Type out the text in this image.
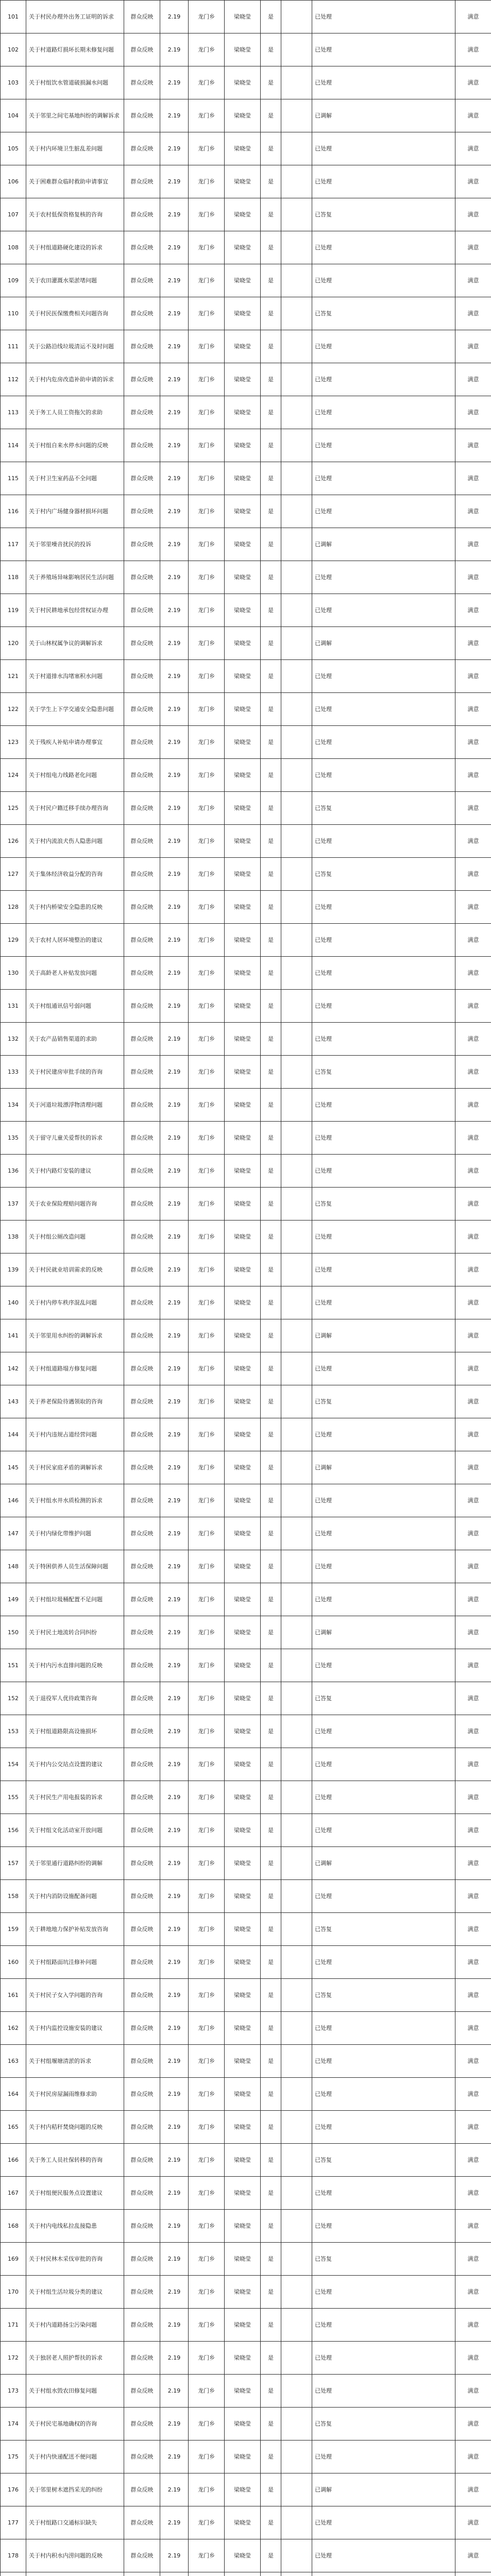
101	关于村民办理外出务工证明的诉求	群众反映	2.19	龙门乡	梁晓莹	是		已处理	满意
102	关于村道路灯损坏长期未修复问题	群众反映	2.19	龙门乡	梁晓莹	是		已处理	满意
103	关于村组饮水管道破损漏水问题	群众反映	2.19	龙门乡	梁晓莹	是		已处理	满意
104	关于邻里之间宅基地纠纷的调解诉求	群众反映	2.19	龙门乡	梁晓莹	是		已调解	满意
105	关于村内环境卫生脏乱差问题	群众反映	2.19	龙门乡	梁晓莹	是		已处理	满意
106	关于困难群众临时救助申请事宜	群众反映	2.19	龙门乡	梁晓莹	是		已处理	满意
107	关于农村低保资格复核的咨询	群众反映	2.19	龙门乡	梁晓莹	是		已答复	满意
108	关于村组道路硬化建设的诉求	群众反映	2.19	龙门乡	梁晓莹	是		已处理	满意
109	关于农田灌溉水渠淤堵问题	群众反映	2.19	龙门乡	梁晓莹	是		已处理	满意
110	关于村民医保缴费相关问题咨询	群众反映	2.19	龙门乡	梁晓莹	是		已答复	满意
111	关于公路沿线垃圾清运不及时问题	群众反映	2.19	龙门乡	梁晓莹	是		已处理	满意
112	关于村内危房改造补助申请的诉求	群众反映	2.19	龙门乡	梁晓莹	是		已处理	满意
113	关于务工人员工资拖欠的求助	群众反映	2.19	龙门乡	梁晓莹	是		已处理	满意
114	关于村组自来水停水问题的反映	群众反映	2.19	龙门乡	梁晓莹	是		已处理	满意
115	关于村卫生室药品不全问题	群众反映	2.19	龙门乡	梁晓莹	是		已处理	满意
116	关于村内广场健身器材损坏问题	群众反映	2.19	龙门乡	梁晓莹	是		已处理	满意
117	关于邻里噪音扰民的投诉	群众反映	2.19	龙门乡	梁晓莹	是		已调解	满意
118	关于养殖场异味影响居民生活问题	群众反映	2.19	龙门乡	梁晓莹	是		已处理	满意
119	关于村民耕地承包经营权证办理	群众反映	2.19	龙门乡	梁晓莹	是		已处理	满意
120	关于山林权属争议的调解诉求	群众反映	2.19	龙门乡	梁晓莹	是		已调解	满意
121	关于村道排水沟堵塞积水问题	群众反映	2.19	龙门乡	梁晓莹	是		已处理	满意
122	关于学生上下学交通安全隐患问题	群众反映	2.19	龙门乡	梁晓莹	是		已处理	满意
123	关于残疾人补贴申请办理事宜	群众反映	2.19	龙门乡	梁晓莹	是		已处理	满意
124	关于村组电力线路老化问题	群众反映	2.19	龙门乡	梁晓莹	是		已处理	满意
125	关于村民户籍迁移手续办理咨询	群众反映	2.19	龙门乡	梁晓莹	是		已答复	满意
126	关于村内流浪犬伤人隐患问题	群众反映	2.19	龙门乡	梁晓莹	是		已处理	满意
127	关于集体经济收益分配的咨询	群众反映	2.19	龙门乡	梁晓莹	是		已答复	满意
128	关于村内桥梁安全隐患的反映	群众反映	2.19	龙门乡	梁晓莹	是		已处理	满意
129	关于农村人居环境整治的建议	群众反映	2.19	龙门乡	梁晓莹	是		已处理	满意
130	关于高龄老人补贴发放问题	群众反映	2.19	龙门乡	梁晓莹	是		已处理	满意
131	关于村组通讯信号弱问题	群众反映	2.19	龙门乡	梁晓莹	是		已处理	满意
132	关于农产品销售渠道的求助	群众反映	2.19	龙门乡	梁晓莹	是		已处理	满意
133	关于村民建房审批手续的咨询	群众反映	2.19	龙门乡	梁晓莹	是		已答复	满意
134	关于河道垃圾漂浮物清理问题	群众反映	2.19	龙门乡	梁晓莹	是		已处理	满意
135	关于留守儿童关爱帮扶的诉求	群众反映	2.19	龙门乡	梁晓莹	是		已处理	满意
136	关于村内路灯安装的建议	群众反映	2.19	龙门乡	梁晓莹	是		已处理	满意
137	关于农业保险理赔问题咨询	群众反映	2.19	龙门乡	梁晓莹	是		已答复	满意
138	关于村组公厕改造问题	群众反映	2.19	龙门乡	梁晓莹	是		已处理	满意
139	关于村民就业培训需求的反映	群众反映	2.19	龙门乡	梁晓莹	是		已处理	满意
140	关于村内停车秩序混乱问题	群众反映	2.19	龙门乡	梁晓莹	是		已处理	满意
141	关于邻里用水纠纷的调解诉求	群众反映	2.19	龙门乡	梁晓莹	是		已调解	满意
142	关于村组道路塌方修复问题	群众反映	2.19	龙门乡	梁晓莹	是		已处理	满意
143	关于养老保险待遇领取的咨询	群众反映	2.19	龙门乡	梁晓莹	是		已答复	满意
144	关于村内违规占道经营问题	群众反映	2.19	龙门乡	梁晓莹	是		已处理	满意
145	关于村民家庭矛盾的调解诉求	群众反映	2.19	龙门乡	梁晓莹	是		已调解	满意
146	关于村组水井水质检测的诉求	群众反映	2.19	龙门乡	梁晓莹	是		已处理	满意
147	关于村内绿化带维护问题	群众反映	2.19	龙门乡	梁晓莹	是		已处理	满意
148	关于特困供养人员生活保障问题	群众反映	2.19	龙门乡	梁晓莹	是		已处理	满意
149	关于村组垃圾桶配置不足问题	群众反映	2.19	龙门乡	梁晓莹	是		已处理	满意
150	关于村民土地流转合同纠纷	群众反映	2.19	龙门乡	梁晓莹	是		已调解	满意
151	关于村内污水直排问题的反映	群众反映	2.19	龙门乡	梁晓莹	是		已处理	满意
152	关于退役军人优待政策咨询	群众反映	2.19	龙门乡	梁晓莹	是		已答复	满意
153	关于村组道路限高设施损坏	群众反映	2.19	龙门乡	梁晓莹	是		已处理	满意
154	关于村内公交站点设置的建议	群众反映	2.19	龙门乡	梁晓莹	是		已处理	满意
155	关于村民生产用电报装的诉求	群众反映	2.19	龙门乡	梁晓莹	是		已处理	满意
156	关于村组文化活动室开放问题	群众反映	2.19	龙门乡	梁晓莹	是		已处理	满意
157	关于邻里通行道路纠纷的调解	群众反映	2.19	龙门乡	梁晓莹	是		已调解	满意
158	关于村内消防设施配备问题	群众反映	2.19	龙门乡	梁晓莹	是		已处理	满意
159	关于耕地地力保护补贴发放咨询	群众反映	2.19	龙门乡	梁晓莹	是		已答复	满意
160	关于村组路面坑洼修补问题	群众反映	2.19	龙门乡	梁晓莹	是		已处理	满意
161	关于村民子女入学问题的咨询	群众反映	2.19	龙门乡	梁晓莹	是		已答复	满意
162	关于村内监控设施安装的建议	群众反映	2.19	龙门乡	梁晓莹	是		已处理	满意
163	关于村组堰塘清淤的诉求	群众反映	2.19	龙门乡	梁晓莹	是		已处理	满意
164	关于村民房屋漏雨维修求助	群众反映	2.19	龙门乡	梁晓莹	是		已处理	满意
165	关于村内秸秆焚烧问题的反映	群众反映	2.19	龙门乡	梁晓莹	是		已处理	满意
166	关于务工人员社保转移的咨询	群众反映	2.19	龙门乡	梁晓莹	是		已答复	满意
167	关于村组便民服务点设置建议	群众反映	2.19	龙门乡	梁晓莹	是		已处理	满意
168	关于村内电线私拉乱接隐患	群众反映	2.19	龙门乡	梁晓莹	是		已处理	满意
169	关于村民林木采伐审批的咨询	群众反映	2.19	龙门乡	梁晓莹	是		已答复	满意
170	关于村组生活垃圾分类的建议	群众反映	2.19	龙门乡	梁晓莹	是		已处理	满意
171	关于村内道路扬尘污染问题	群众反映	2.19	龙门乡	梁晓莹	是		已处理	满意
172	关于独居老人照护帮扶的诉求	群众反映	2.19	龙门乡	梁晓莹	是		已处理	满意
173	关于村组水毁农田修复问题	群众反映	2.19	龙门乡	梁晓莹	是		已处理	满意
174	关于村民宅基地确权的咨询	群众反映	2.19	龙门乡	梁晓莹	是		已答复	满意
175	关于村内快递配送不便问题	群众反映	2.19	龙门乡	梁晓莹	是		已处理	满意
176	关于邻里树木遮挡采光的纠纷	群众反映	2.19	龙门乡	梁晓莹	是		已调解	满意
177	关于村组路口交通标识缺失	群众反映	2.19	龙门乡	梁晓莹	是		已处理	满意
178	关于村内积水内涝问题的反映	群众反映	2.19	龙门乡	梁晓莹	是		已处理	满意
